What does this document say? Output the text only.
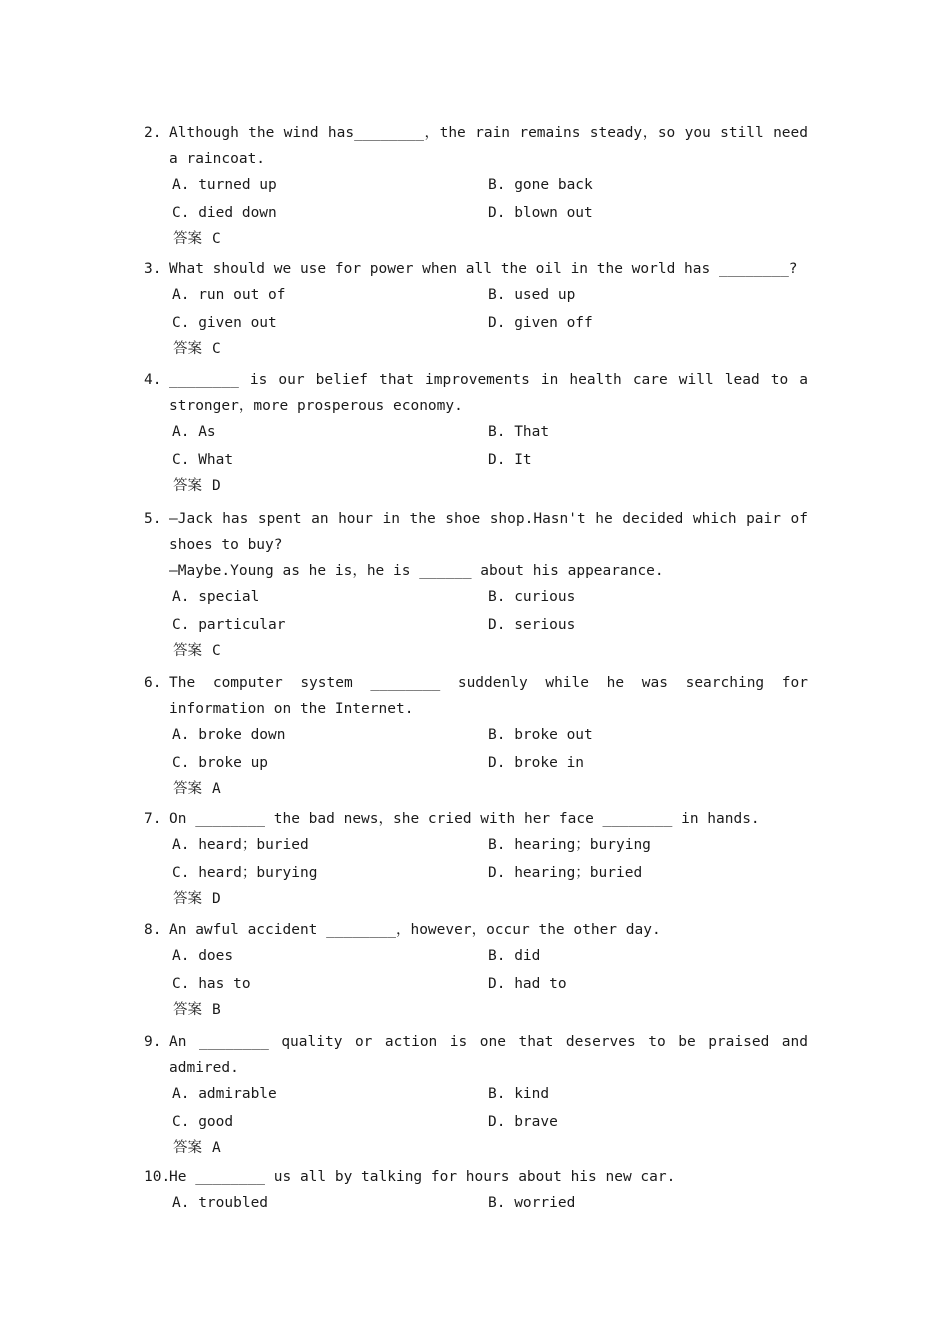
2. Although the wind has________，the rain remains steady，so you still need a raincoat.
A. turned up	B. gone back
C. died down	D. blown out
答案 C
3. What should we use for power when all the oil in the world has ________?
A. run out of	B. used up
C. given out	D. given off
答案 C
4. ________ is our belief that improvements in health care will lead to a stronger，more prosperous economy.
A. As	B. That
C. What	D. It
答案 D
5. —Jack has spent an hour in the shoe shop.Hasn't he decided which pair of shoes to buy?
—Maybe.Young as he is，he is ______ about his appearance.
A. special	B. curious
C. particular	D. serious
答案 C
6. The computer system ________ suddenly while he was searching for information on the Internet.
A. broke down	B. broke out
C. broke up	D. broke in
答案 A
7. On ________ the bad news，she cried with her face ________ in hands.
A. heard；buried	B. hearing；burying
C. heard；burying	D. hearing；buried
答案 D
8. An awful accident ________，however，occur the other day.
A. does	B. did
C. has to	D. had to
答案 B
9. An ________ quality or action is one that deserves to be praised and admired.
A. admirable	B. kind
C. good	D. brave
答案 A
10.
He ________ us all by talking for hours about his new car.
A. troubled	B. worried
